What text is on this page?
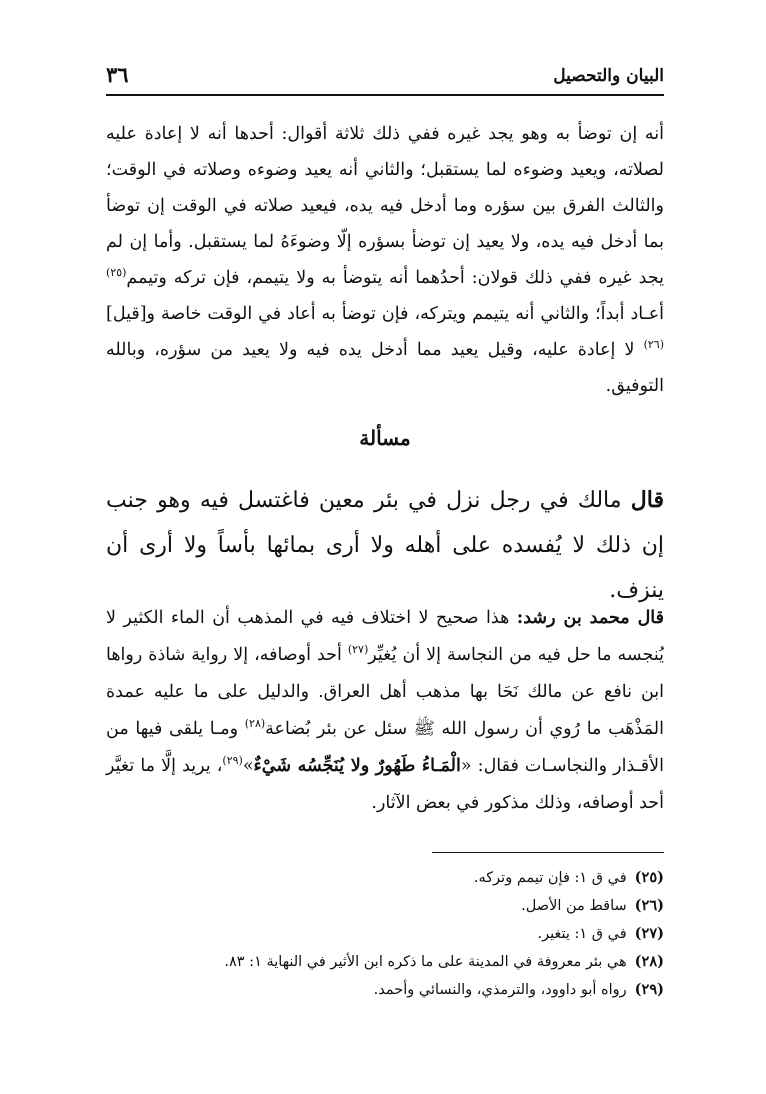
البيان والتحصيل
٣٦

أنه إن توضأ به وهو يجد غيره ففي ذلك ثلاثة أقوال: أحدها أنه لا إعادة عليه لصلاته، ويعيد وضوءه لما يستقبل؛ والثاني أنه يعيد وضوءه وصلاته في الوقت؛ والثالث الفرق بين سؤره وما أدخل فيه يده، فيعيد صلاته في الوقت إن توضأ بما أدخل فيه يده، ولا يعيد إن توضأ بسؤره إلّا وضوءَهُ لما يستقبل. وأما إن لم يجد غيره ففي ذلك قولان: أحدُهما أنه يتوضأ به ولا يتيمم، فإن تركه وتيمم$^{(٢٥)}$ أعـاد أبداً؛ والثاني أنه يتيمم ويتركه، فإن توضأ به أعاد في الوقت خاصة و[قيل]$^{(٢٦)}$ لا إعادة عليه، وقيل يعيد مما أدخل يده فيه ولا يعيد من سؤره، وبالله التوفيق.

مسألة

قال مالك في رجل نزل في بئر معين فاغتسل فيه وهو جنب إن ذلك لا يُفسده على أهله ولا أرى بمائها بأساً ولا أرى أن ينزف.

قال محمد بن رشد: هذا صحيح لا اختلاف فيه في المذهب أن الماء الكثير لا يُنجسه ما حل فيه من النجاسة إلا أن يُغيِّر$^{(٢٧)}$ أحد أوصافه، إلا رواية شاذة رواها ابن نافع عن مالك نَحَا بها مذهب أهل العراق. والدليل على ما عليه عمدة المَذْهَب ما رُوي أن رسول الله ﷺ سئل عن بئر بُضاعة$^{(٢٨)}$ ومـا يلقى فيها من الأقـذار والنجاسـات فقال: «الْمَـاءُ طَهُورٌ ولا يُنَجِّسُه شَيْءٌ»$^{(٢٩)}$، يريد إلَّا ما تغيَّر أحد أوصافه، وذلك مذكور في بعض الآثار.

(٢٥)في ق ١: فإن تيمم وتركه.
(٢٦)ساقط من الأصل.
(٢٧)في ق ١: يتغير.
(٢٨)هي بئر معروفة في المدينة على ما ذكره ابن الأثير في النهاية ١: ٨٣.
(٢٩)رواه أبو داوود، والترمذي، والنسائي وأحمد.
